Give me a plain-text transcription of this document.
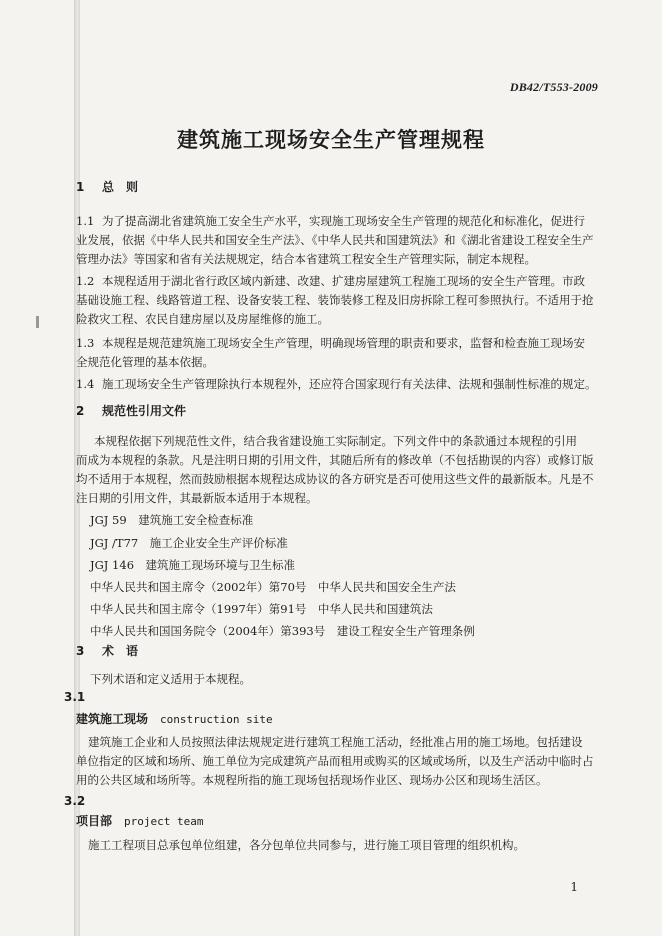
DB42/T553-2009
建筑施工现场安全生产管理规程
1 总　则
1.1 为了提高湖北省建筑施工安全生产水平，实现施工现场安全生产管理的规范化和标准化，促进行
业发展，依据《中华人民共和国安全生产法》、《中华人民共和国建筑法》和《湖北省建设工程安全生产
管理办法》等国家和省有关法规规定，结合本省建筑工程安全生产管理实际，制定本规程。
1.2 本规程适用于湖北省行政区域内新建、改建、扩建房屋建筑工程施工现场的安全生产管理。市政
基础设施工程、线路管道工程、设备安装工程、装饰装修工程及旧房拆除工程可参照执行。不适用于抢
险救灾工程、农民自建房屋以及房屋维修的施工。
1.3 本规程是规范建筑施工现场安全生产管理，明确现场管理的职责和要求，监督和检查施工现场安
全规范化管理的基本依据。
1.4 施工现场安全生产管理除执行本规程外，还应符合国家现行有关法律、法规和强制性标准的规定。
2 规范性引用文件
本规程依据下列规范性文件，结合我省建设施工实际制定。下列文件中的条款通过本规程的引用
而成为本规程的条款。凡是注明日期的引用文件，其随后所有的修改单（不包括勘误的内容）或修订版
均不适用于本规程，然而鼓励根据本规程达成协议的各方研究是否可使用这些文件的最新版本。凡是不
注日期的引用文件，其最新版本适用于本规程。
JGJ 59　建筑施工安全检查标准
JGJ /T77　施工企业安全生产评价标准
JGJ 146　建筑施工现场环境与卫生标准
中华人民共和国主席令（2002年）第70号　中华人民共和国安全生产法
中华人民共和国主席令（1997年）第91号　中华人民共和国建筑法
中华人民共和国国务院令（2004年）第393号　建设工程安全生产管理条例
3 术　语
下列术语和定义适用于本规程。
3.1
建筑施工现场 construction site
建筑施工企业和人员按照法律法规规定进行建筑工程施工活动，经批准占用的施工场地。包括建设
单位指定的区域和场所、施工单位为完成建筑产品而租用或购买的区域或场所，以及生产活动中临时占
用的公共区域和场所等。本规程所指的施工现场包括现场作业区、现场办公区和现场生活区。
3.2
项目部 project team
施工工程项目总承包单位组建，各分包单位共同参与，进行施工项目管理的组织机构。
1
